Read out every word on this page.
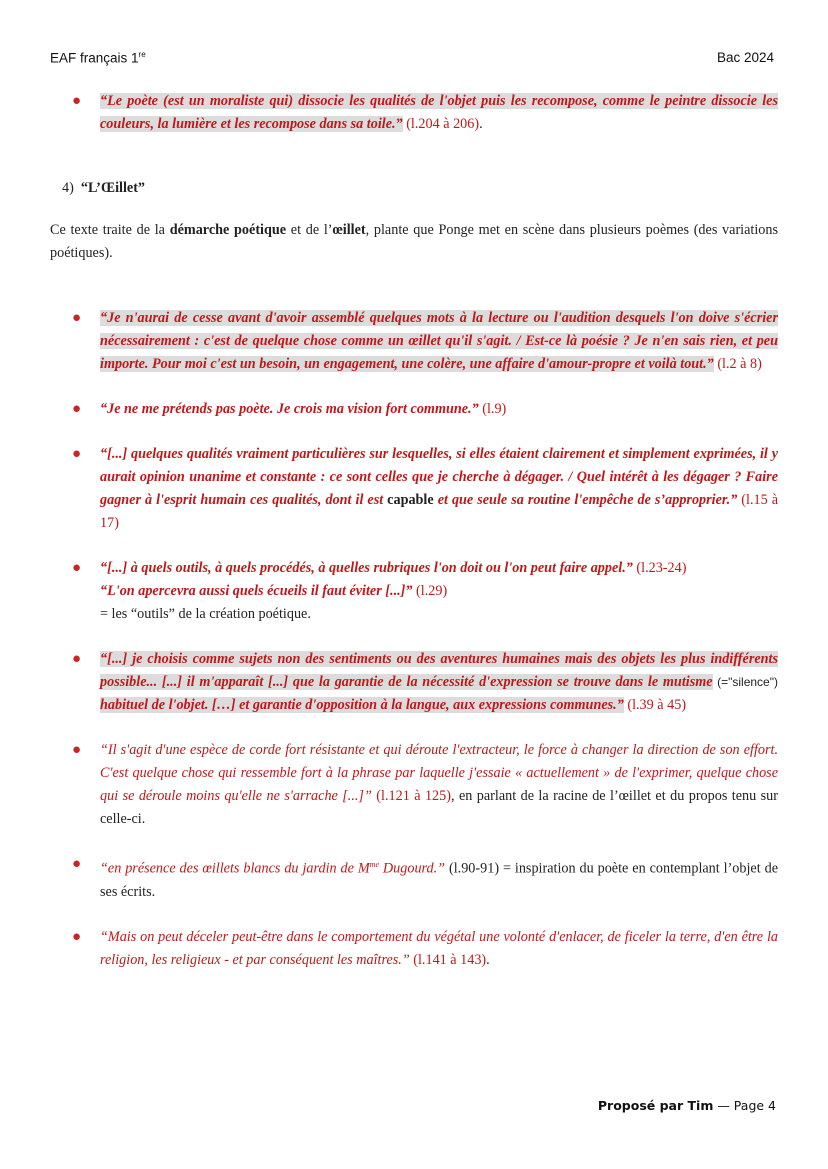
EAF français 1re	Bac 2024
● “Le poète (est un moraliste qui) dissocie les qualités de l'objet puis les recompose, comme le peintre dissocie les couleurs, la lumière et les recompose dans sa toile.” (l.204 à 206).
4) “L’Œillet”
Ce texte traite de la démarche poétique et de l’œillet, plante que Ponge met en scène dans plusieurs poèmes (des variations poétiques).
● “Je n'aurai de cesse avant d'avoir assemblé quelques mots à la lecture ou l'audition desquels l'on doive s'écrier nécessairement : c'est de quelque chose comme un œillet qu'il s'agit. / Est-ce là poésie ? Je n'en sais rien, et peu importe. Pour moi c'est un besoin, un engagement, une colère, une affaire d'amour-propre et voilà tout.” (l.2 à 8)
● “Je ne me prétends pas poète. Je crois ma vision fort commune.” (l.9)
● “[...] quelques qualités vraiment particulières sur lesquelles, si elles étaient clairement et simplement exprimées, il y aurait opinion unanime et constante : ce sont celles que je cherche à dégager. / Quel intérêt à les dégager ? Faire gagner à l'esprit humain ces qualités, dont il est capable et que seule sa routine l'empêche de s’approprier.” (l.15 à 17)
● “[...] à quels outils, à quels procédés, à quelles rubriques l'on doit ou l'on peut faire appel.” (l.23-24)
“L'on apercevra aussi quels écueils il faut éviter [...]” (l.29)
= les “outils” de la création poétique.
● “[...] je choisis comme sujets non des sentiments ou des aventures humaines mais des objets les plus indifférents possible... [...] il m'apparaît [...] que la garantie de la nécessité d'expression se trouve dans le mutisme (="silence") habituel de l'objet. […] et garantie d'opposition à la langue, aux expressions communes.” (l.39 à 45)
● “Il s'agit d'une espèce de corde fort résistante et qui déroute l'extracteur, le force à changer la direction de son effort. C'est quelque chose qui ressemble fort à la phrase par laquelle j'essaie « actuellement » de l'exprimer, quelque chose qui se déroule moins qu'elle ne s'arrache [...]” (l.121 à 125), en parlant de la racine de l’œillet et du propos tenu sur celle-ci.
● “en présence des œillets blancs du jardin de $M^{me}$ Dugourd.” (l.90-91) = inspiration du poète en contemplant l’objet de ses écrits.
● “Mais on peut déceler peut-être dans le comportement du végétal une volonté d'enlacer, de ficeler la terre, d'en être la religion, les religieux - et par conséquent les maîtres.” (l.141 à 143).
Proposé par Tim — Page 4
